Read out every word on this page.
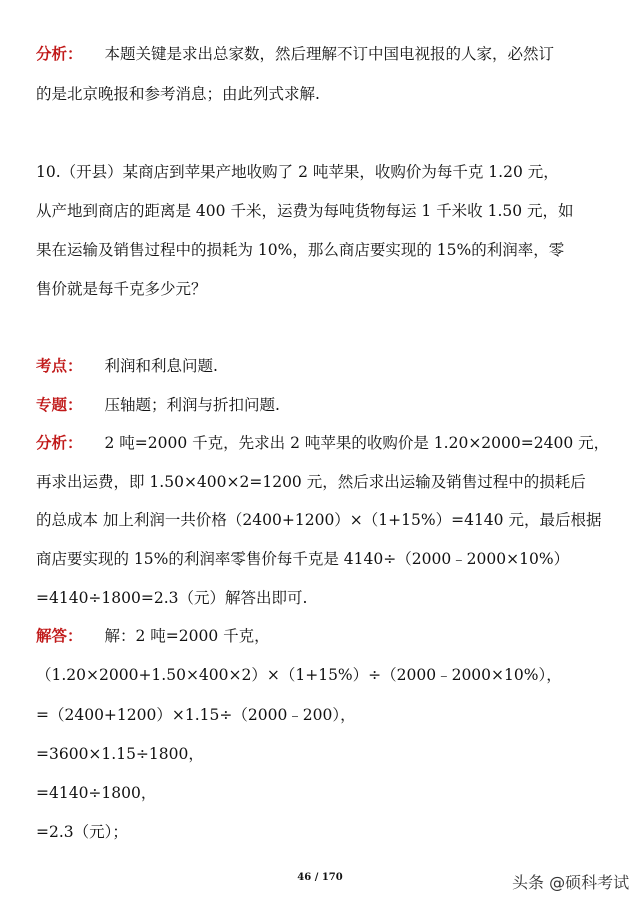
分析： 本题关键是求出总家数，然后理解不订中国电视报的人家，必然订
的是北京晚报和参考消息；由此列式求解.
10.（开县）某商店到苹果产地收购了 2 吨苹果，收购价为每千克 1.20 元，
从产地到商店的距离是 400 千米，运费为每吨货物每运 1 千米收 1.50 元，如
果在运输及销售过程中的损耗为 10%，那么商店要实现的 15%的利润率，零
售价就是每千克多少元？
考点： 利润和利息问题.
专题： 压轴题；利润与折扣问题.
分析： 2 吨=2000 千克，先求出 2 吨苹果的收购价是 1.20×2000=2400 元，
再求出运费，即 1.50×400×2=1200 元，然后求出运输及销售过程中的损耗后
的总成本 加上利润一共价格（2400+1200）×（1+15%）=4140 元，最后根据
商店要实现的 15%的利润率零售价每千克是 4140÷（2000﹣2000×10%）
=4140÷1800=2.3（元）解答出即可.
解答： 解：2 吨=2000 千克，
（1.20×2000+1.50×400×2）×（1+15%）÷（2000﹣2000×10%），
=（2400+1200）×1.15÷（2000﹣200），
=3600×1.15÷1800，
=4140÷1800，
=2.3（元）；
46 / 170	头条 @硕科考试
